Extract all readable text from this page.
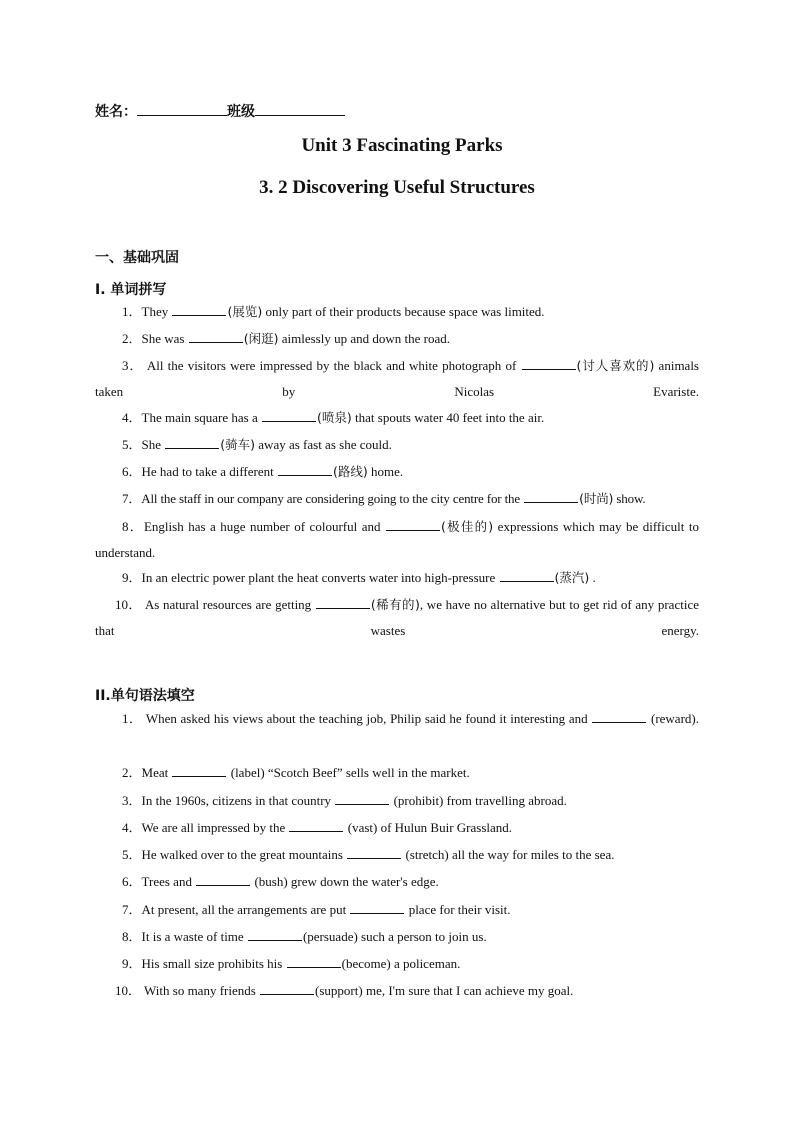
姓名：	班级
Unit 3 Fascinating Parks
3. 2 Discovering Useful Structures
一、基础巩固
I. 单词拼写
1．They	(展览) only part of their products because space was limited.
2．She was	(闲逛) aimlessly up and down the road.
3． All the visitors were impressed by the black and white photograph of	(讨人喜欢的) animals taken by Nicolas Evariste.
4．The main square has a	(喷泉) that spouts water 40 feet into the air.
5．She	(骑车) away as fast as she could.
6．He had to take a different	(路线) home.
7．All the staff in our company are considering going to the city centre for the	(时尚) show.
8．English has a huge number of colourful and	(极佳的) expressions which may be difficult to understand.
9．In an electric power plant the heat converts water into high-pressure	(蒸汽) .
10． As natural resources are getting	(稀有的), we have no alternative but to get rid of any practice that wastes energy.
II.单句语法填空
1． When asked his views about the teaching job, Philip said he found it interesting and	(reward).
2．Meat	(label) “Scotch Beef” sells well in the market.
3．In the 1960s, citizens in that country	(prohibit) from travelling abroad.
4．We are all impressed by the	(vast) of Hulun Buir Grassland.
5．He walked over to the great mountains	(stretch) all the way for miles to the sea.
6．Trees and	(bush) grew down the water's edge.
7．At present, all the arrangements are put	place for their visit.
8．It is a waste of time	(persuade) such a person to join us.
9．His small size prohibits his	(become) a policeman.
10． With so many friends	(support) me, I'm sure that I can achieve my goal.
